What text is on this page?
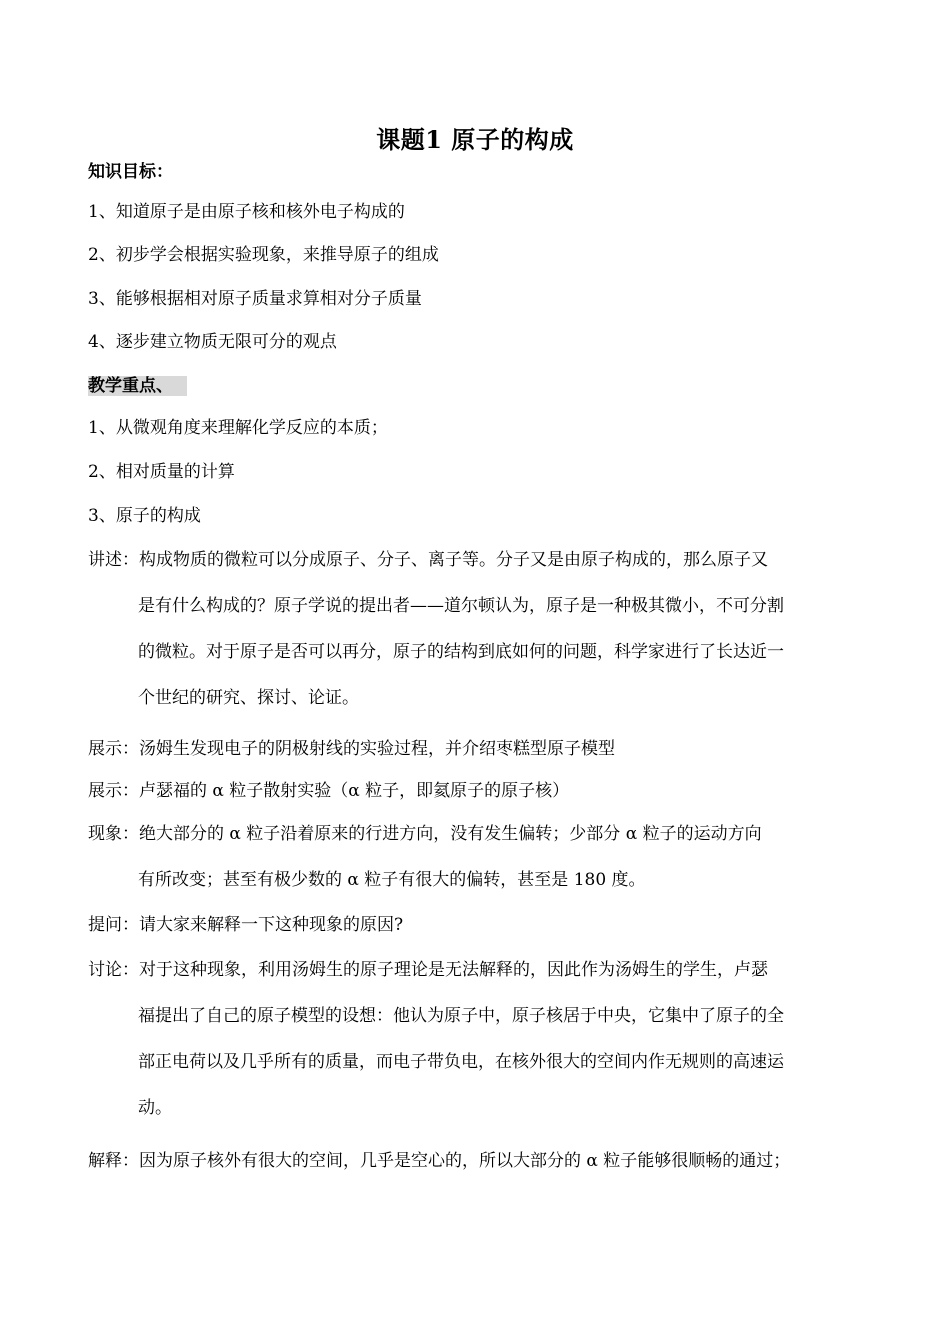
课题1 原子的构成
知识目标：
1、知道原子是由原子核和核外电子构成的
2、初步学会根据实验现象，来推导原子的组成
3、能够根据相对原子质量求算相对分子质量
4、逐步建立物质无限可分的观点
教学重点、
1、从微观角度来理解化学反应的本质；
2、相对质量的计算
3、原子的构成
讲述：构成物质的微粒可以分成原子、分子、离子等。分子又是由原子构成的，那么原子又
是有什么构成的？原子学说的提出者——道尔顿认为，原子是一种极其微小，不可分割
的微粒。对于原子是否可以再分，原子的结构到底如何的问题，科学家进行了长达近一
个世纪的研究、探讨、论证。
展示：汤姆生发现电子的阴极射线的实验过程，并介绍枣糕型原子模型
展示：卢瑟福的 α 粒子散射实验（α 粒子，即氦原子的原子核）
现象：绝大部分的 α 粒子沿着原来的行进方向，没有发生偏转；少部分 α 粒子的运动方向
有所改变；甚至有极少数的 α 粒子有很大的偏转，甚至是 180 度。
提问：请大家来解释一下这种现象的原因?
讨论：对于这种现象，利用汤姆生的原子理论是无法解释的，因此作为汤姆生的学生，卢瑟
福提出了自己的原子模型的设想：他认为原子中，原子核居于中央，它集中了原子的全
部正电荷以及几乎所有的质量，而电子带负电，在核外很大的空间内作无规则的高速运
动。
解释：因为原子核外有很大的空间，几乎是空心的，所以大部分的 α 粒子能够很顺畅的通过；
